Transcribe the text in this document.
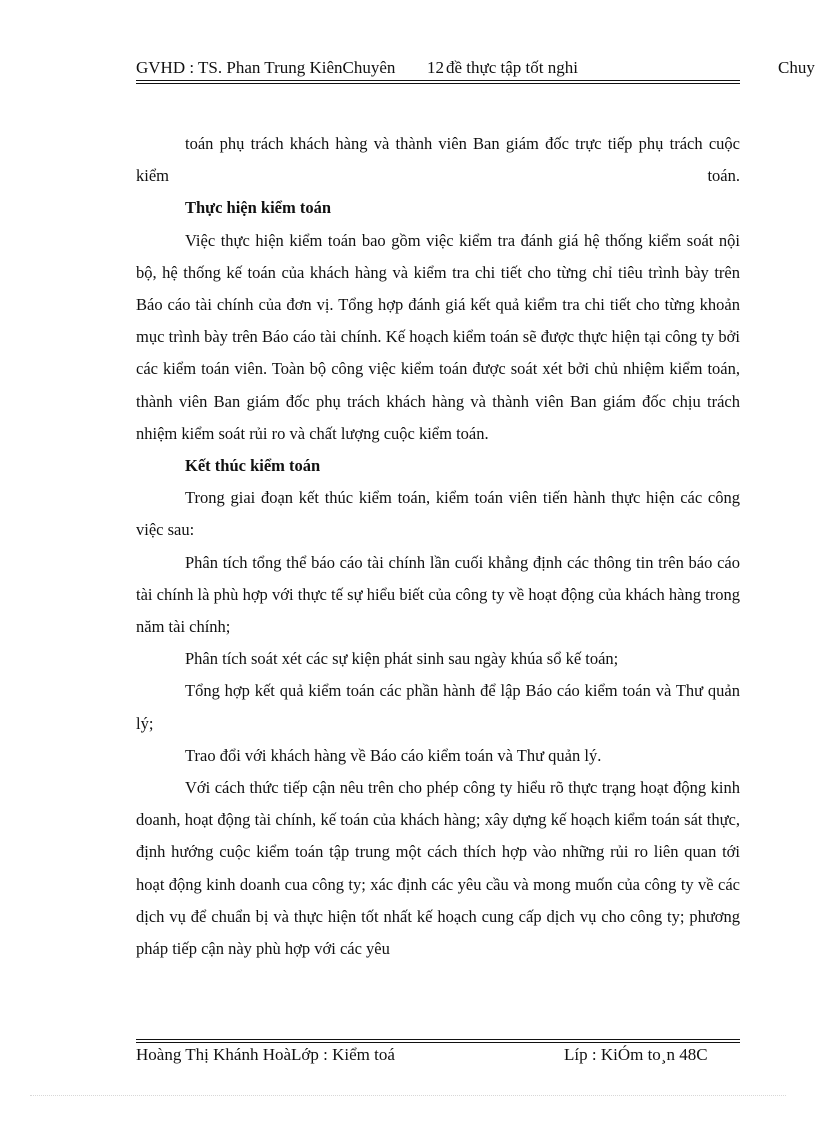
GVHD : TS. Phan Trung KiênChuyên 12 đề thực tập tốt nghi	Chuy

toán phụ trách khách hàng và thành viên Ban giám đốc trực tiếp phụ trách cuộc kiểm toán.

Thực hiện kiểm toán

Việc thực hiện kiểm toán bao gồm việc kiểm tra đánh giá hệ thống kiểm soát nội bộ, hệ thống kế toán của khách hàng và kiểm tra chi tiết cho từng chỉ tiêu trình bày trên Báo cáo tài chính của đơn vị. Tổng hợp đánh giá kết quả kiểm tra chi tiết cho từng khoản mục trình bày trên Báo cáo tài chính. Kế hoạch kiểm toán sẽ được thực hiện tại công ty bởi các kiểm toán viên. Toàn bộ công việc kiểm toán được soát xét bởi chủ nhiệm kiểm toán, thành viên Ban giám đốc phụ trách khách hàng và thành viên Ban giám đốc chịu trách nhiệm kiểm soát rủi ro và chất lượng cuộc kiểm toán.

Kết thúc kiểm toán

Trong giai đoạn kết thúc kiểm toán, kiểm toán viên tiến hành thực hiện các công việc sau:

Phân tích tổng thể báo cáo tài chính lần cuối khẳng định các thông tin trên báo cáo tài chính là phù hợp với thực tế sự hiểu biết của công ty về hoạt động của khách hàng trong năm tài chính;

Phân tích soát xét các sự kiện phát sinh sau ngày khúa sổ kế toán;

Tổng hợp kết quả kiểm toán các phần hành để lập Báo cáo kiểm toán và Thư quản lý;

Trao đổi với khách hàng về Báo cáo kiểm toán và Thư quản lý.

Với cách thức tiếp cận nêu trên cho phép công ty hiểu rõ thực trạng hoạt động kinh doanh, hoạt động tài chính, kế toán của khách hàng; xây dựng kế hoạch kiểm toán sát thực, định hướng cuộc kiểm toán tập trung một cách thích hợp vào những rủi ro liên quan tới hoạt động kinh doanh cua công ty; xác định các yêu cầu và mong muốn của công ty về các dịch vụ để chuẩn bị và thực hiện tốt nhất kế hoạch cung cấp dịch vụ cho công ty; phương pháp tiếp cận này phù hợp với các yêu

Hoàng Thị Khánh HoàLớp : Kiểm toá	Líp : KiÓm to¸n 48C
